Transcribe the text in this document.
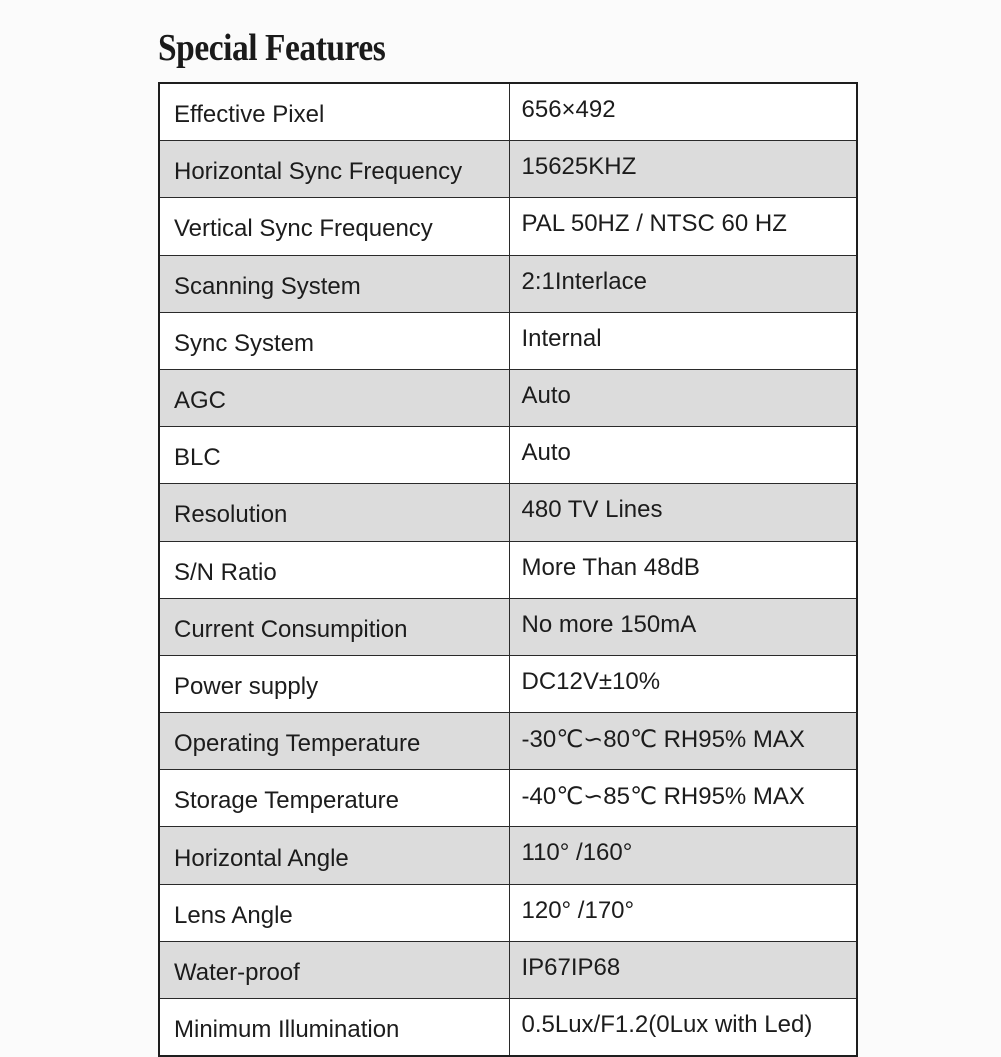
Special Features
Effective Pixel	656×492
Horizontal Sync Frequency	15625KHZ
Vertical Sync Frequency	PAL 50HZ / NTSC 60 HZ
Scanning System	2:1Interlace
Sync System	Internal
AGC	Auto
BLC	Auto
Resolution	480 TV Lines
S/N Ratio	More Than 48dB
Current Consumpition	No more 150mA
Power supply	DC12V±10%
Operating Temperature	-30℃∽80℃ RH95% MAX
Storage Temperature	-40℃∽85℃ RH95% MAX
Horizontal Angle	110° /160°
Lens Angle	120° /170°
Water-proof	IP67IP68
Minimum Illumination	0.5Lux/F1.2(0Lux with Led)
